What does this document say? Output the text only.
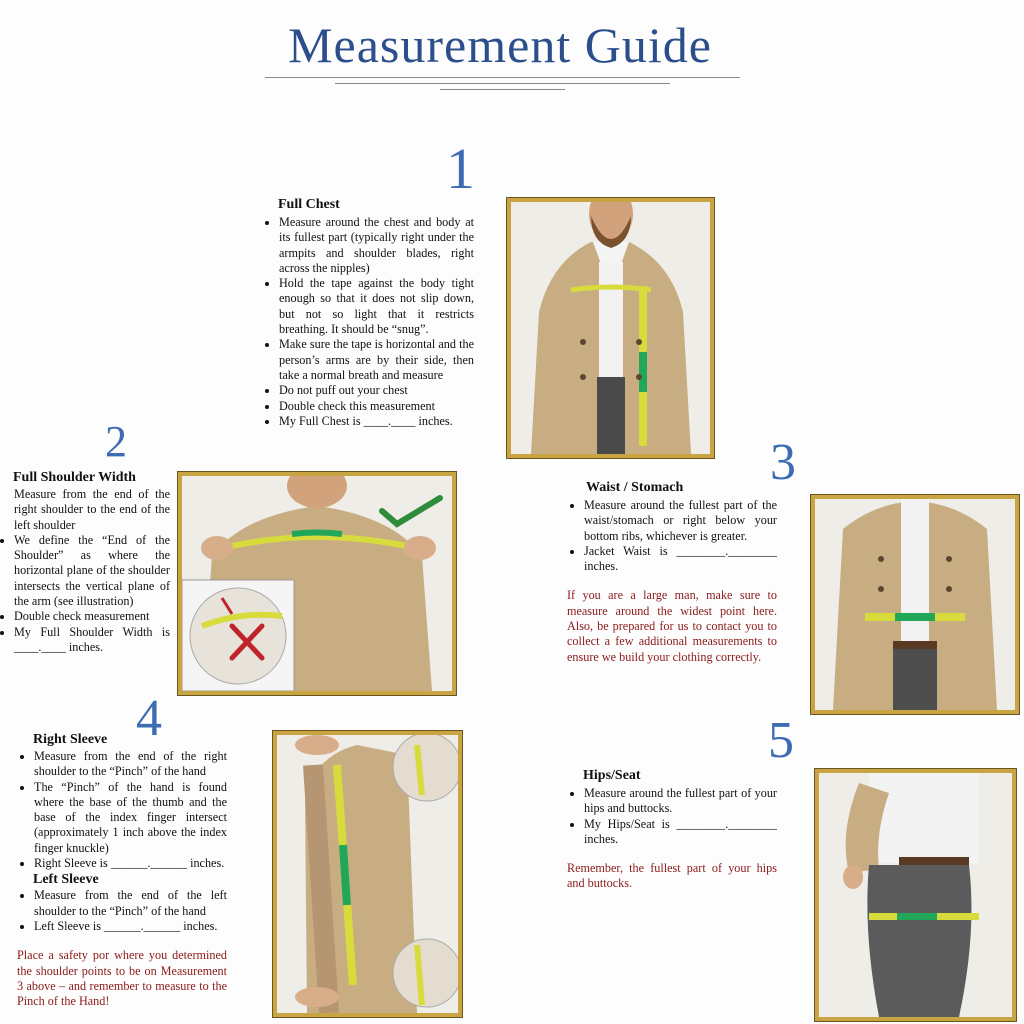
Measurement Guide
1
Full Chest
• Measure around the chest and body at its fullest part (typically right under the armpits and shoulder blades, right across the nipples)
• Hold the tape against the body tight enough so that it does not slip down, but not so light that it restricts breathing. It should be “snug”.
• Make sure the tape is horizontal and the person’s arms are by their side, then take a normal breath and measure
• Do not puff out your chest
• Double check this measurement
• My Full Chest is ____.____ inches.
2
Full Shoulder Width
Measure from the end of the right shoulder to the end of the left shoulder
• We define the “End of the Shoulder” as where the horizontal plane of the shoulder intersects the vertical plane of the arm (see illustration)
• Double check measurement
• My Full Shoulder Width is ____.____ inches.
3
Waist / Stomach
• Measure around the fullest part of the waist/stomach or right below your bottom ribs, whichever is greater.
• Jacket Waist is ________.________ inches.
If you are a large man, make sure to measure around the widest point here. Also, be prepared for us to contact you to collect a few additional measurements to ensure we build your clothing correctly.
4
Right Sleeve
• Measure from the end of the right shoulder to the “Pinch” of the hand
• The “Pinch” of the hand is found where the base of the thumb and the base of the index finger intersect (approximately 1 inch above the index finger knuckle)
• Right Sleeve is ______.______ inches.
Left Sleeve
• Measure from the end of the left shoulder to the “Pinch” of the hand
• Left Sleeve is ______.______ inches.
Place a safety por where you determined the shoulder points to be on Measurement 3 above – and remember to measure to the Pinch of the Hand!
5
Hips/Seat
• Measure around the fullest part of your hips and buttocks.
• My Hips/Seat is ________.________ inches.
Remember, the fullest part of your hips and buttocks.
